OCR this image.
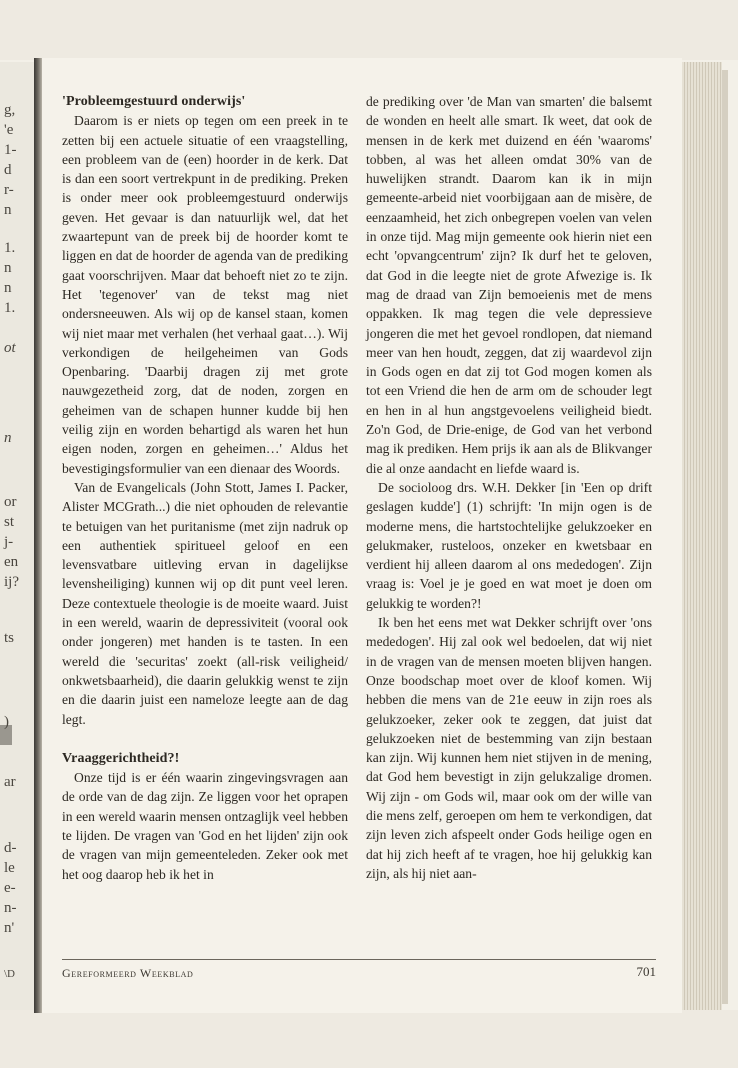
g,
'e
1-
d
r-
n
1.
n
n
1.
ot
n
or
st
j-
en
ij?
ts
)
ar
d-
le
e-
n-
n'
\D
'Probleemgestuurd onderwijs'

Daarom is er niets op tegen om een preek in te zetten bij een actuele situatie of een vraagstelling, een probleem van de (een) hoorder in de kerk. Dat is dan een soort vertrekpunt in de prediking. Preken is onder meer ook probleemgestuurd onderwijs geven. Het gevaar is dan natuurlijk wel, dat het zwaartepunt van de preek bij de hoorder komt te liggen en dat de hoorder de agenda van de prediking gaat voorschrijven. Maar dat behoeft niet zo te zijn. Het 'tegenover' van de tekst mag niet ondersneeuwen. Als wij op de kansel staan, komen wij niet maar met verhalen (het verhaal gaat…). Wij verkondigen de heilgeheimen van Gods Openbaring. 'Daarbij dragen zij met grote nauwgezetheid zorg, dat de noden, zorgen en geheimen van de schapen hunner kudde bij hen veilig zijn en worden behartigd als waren het hun eigen noden, zorgen en geheimen…' Aldus het bevestigingsformulier van een dienaar des Woords.

Van de Evangelicals (John Stott, James I. Packer, Alister MCGrath...) die niet ophouden de relevantie te betuigen van het puritanisme (met zijn nadruk op een authentiek spiritueel geloof en een levensvatbare uitleving ervan in dagelijkse levensheiliging) kunnen wij op dit punt veel leren. Deze contextuele theologie is de moeite waard. Juist in een wereld, waarin de depressiviteit (vooral ook onder jongeren) met handen is te tasten. In een wereld die 'securitas' zoekt (all-risk veiligheid/ onkwetsbaarheid), die daarin gelukkig wenst te zijn en die daarin juist een nameloze leegte aan de dag legt.

Vraaggerichtheid?!

Onze tijd is er één waarin zingevingsvragen aan de orde van de dag zijn. Ze liggen voor het oprapen in een wereld waarin mensen ontzaglijk veel hebben te lijden. De vragen van 'God en het lijden' zijn ook de vragen van mijn gemeenteleden. Zeker ook met het oog daarop heb ik het in

de prediking over 'de Man van smarten' die balsemt de wonden en heelt alle smart. Ik weet, dat ook de mensen in de kerk met duizend en één 'waaroms' tobben, al was het alleen omdat 30% van de huwelijken strandt. Daarom kan ik in mijn gemeente-arbeid niet voorbijgaan aan de misère, de eenzaamheid, het zich onbegrepen voelen van velen in onze tijd. Mag mijn gemeente ook hierin niet een echt 'opvangcentrum' zijn? Ik durf het te geloven, dat God in die leegte niet de grote Afwezige is. Ik mag de draad van Zijn bemoeienis met de mens oppakken. Ik mag tegen die vele depressieve jongeren die met het gevoel rondlopen, dat niemand meer van hen houdt, zeggen, dat zij waardevol zijn in Gods ogen en dat zij tot God mogen komen als tot een Vriend die hen de arm om de schouder legt en hen in al hun angstgevoelens veiligheid biedt. Zo'n God, de Drie-enige, de God van het verbond mag ik prediken. Hem prijs ik aan als de Blikvanger die al onze aandacht en liefde waard is.

De socioloog drs. W.H. Dekker [in 'Een op drift geslagen kudde'] (1) schrijft: 'In mijn ogen is de moderne mens, die hartstochtelijke gelukzoeker en gelukmaker, rusteloos, onzeker en kwetsbaar en verdient hij alleen daarom al ons mededogen'. Zijn vraag is: Voel je je goed en wat moet je doen om gelukkig te worden?!

Ik ben het eens met wat Dekker schrijft over 'ons mededogen'. Hij zal ook wel bedoelen, dat wij niet in de vragen van de mensen moeten blijven hangen. Onze boodschap moet over de kloof komen. Wij hebben die mens van de 21e eeuw in zijn roes als gelukzoeker, zeker ook te zeggen, dat juist dat gelukzoeken niet de bestemming van zijn bestaan kan zijn. Wij kunnen hem niet stijven in de mening, dat God hem bevestigt in zijn gelukzalige dromen. Wij zijn - om Gods wil, maar ook om der wille van die mens zelf, geroepen om hem te verkondigen, dat zijn leven zich afspeelt onder Gods heilige ogen en dat hij zich heeft af te vragen, hoe hij gelukkig kan zijn, als hij niet aan-

Gereformeerd Weekblad	701
